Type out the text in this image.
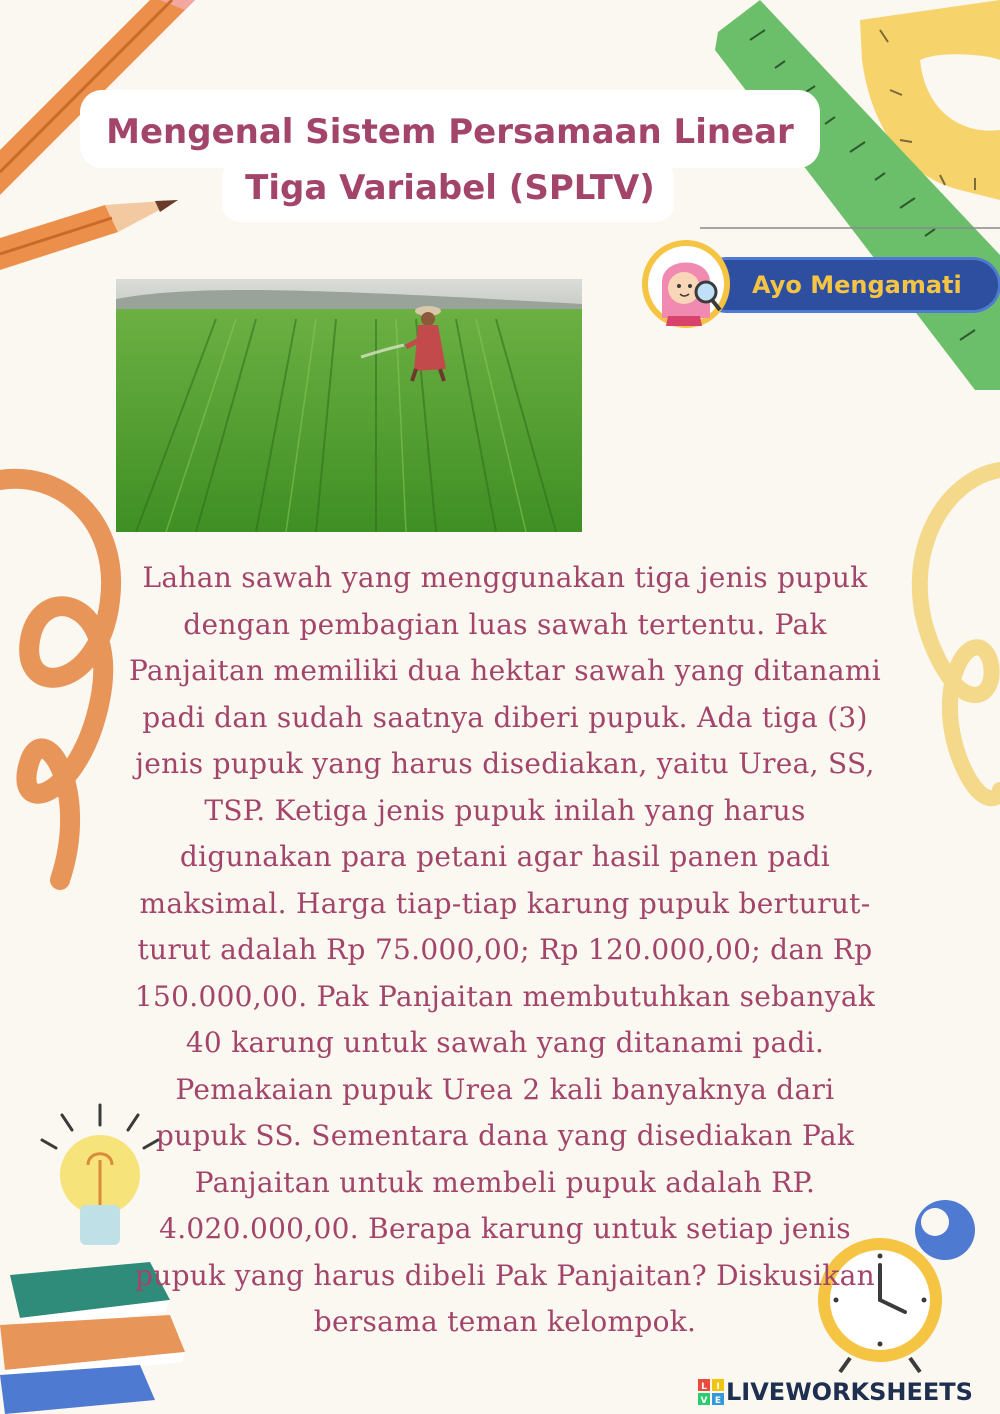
Mengenal Sistem Persamaan Linear
Tiga Variabel (SPLTV)
Ayo Mengamati

Lahan sawah yang menggunakan tiga jenis pupuk
dengan pembagian luas sawah tertentu. Pak
Panjaitan memiliki dua hektar sawah yang ditanami
padi dan sudah saatnya diberi pupuk. Ada tiga (3)
jenis pupuk yang harus disediakan, yaitu Urea, SS,
TSP. Ketiga jenis pupuk inilah yang harus
digunakan para petani agar hasil panen padi
maksimal. Harga tiap-tiap karung pupuk berturut-
turut adalah Rp 75.000,00; Rp 120.000,00; dan Rp
150.000,00. Pak Panjaitan membutuhkan sebanyak
40 karung untuk sawah yang ditanami padi.
Pemakaian pupuk Urea 2 kali banyaknya dari
pupuk SS. Sementara dana yang disediakan Pak
Panjaitan untuk membeli pupuk adalah RP.
4.020.000,00. Berapa karung untuk setiap jenis
pupuk yang harus dibeli Pak Panjaitan? Diskusikan
bersama teman kelompok.

L I
V E LIVEWORKSHEETS
